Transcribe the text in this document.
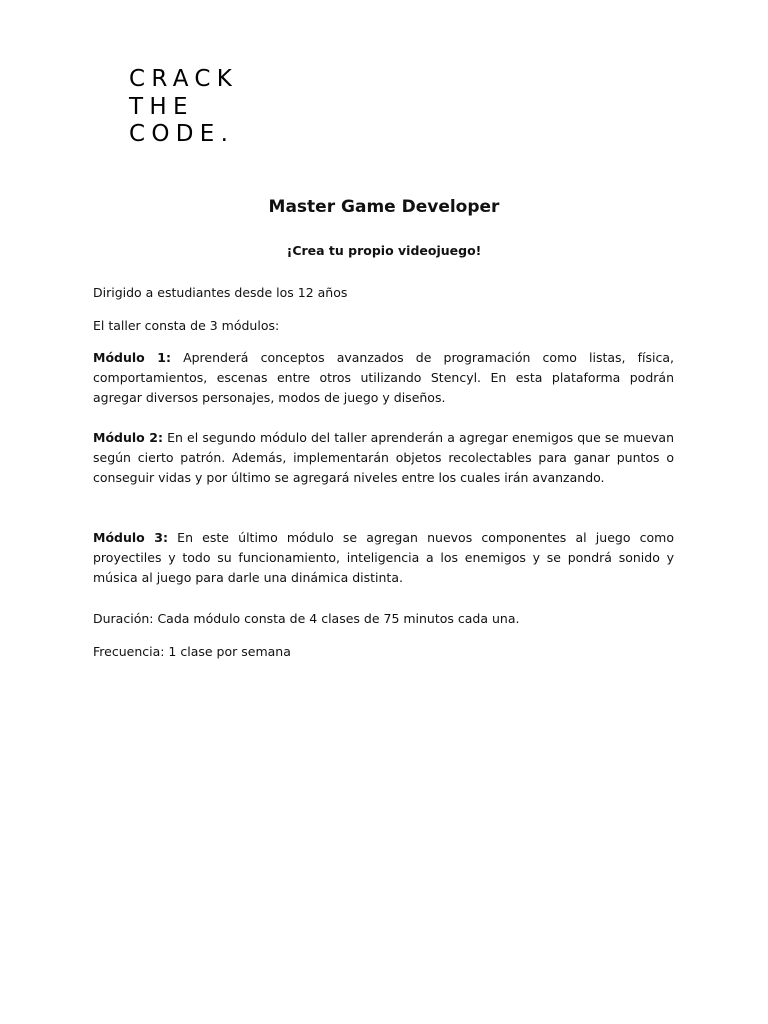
CRACK
THE
CODE.
Master Game Developer
¡Crea tu propio videojuego!
Dirigido a estudiantes desde los 12 años
El taller consta de 3 módulos:
Módulo 1: Aprenderá conceptos avanzados de programación como listas, física, comportamientos, escenas entre otros utilizando Stencyl. En esta plataforma podrán agregar diversos personajes, modos de juego y diseños.
Módulo 2: En el segundo módulo del taller aprenderán a agregar enemigos que se muevan según cierto patrón. Además, implementarán objetos recolectables para ganar puntos o conseguir vidas y por último se agregará niveles entre los cuales irán avanzando.
Módulo 3: En este último módulo se agregan nuevos componentes al juego como proyectiles y todo su funcionamiento, inteligencia a los enemigos y se pondrá sonido y música al juego para darle una dinámica distinta.
Duración: Cada módulo consta de 4 clases de 75 minutos cada una.
Frecuencia: 1 clase por semana
